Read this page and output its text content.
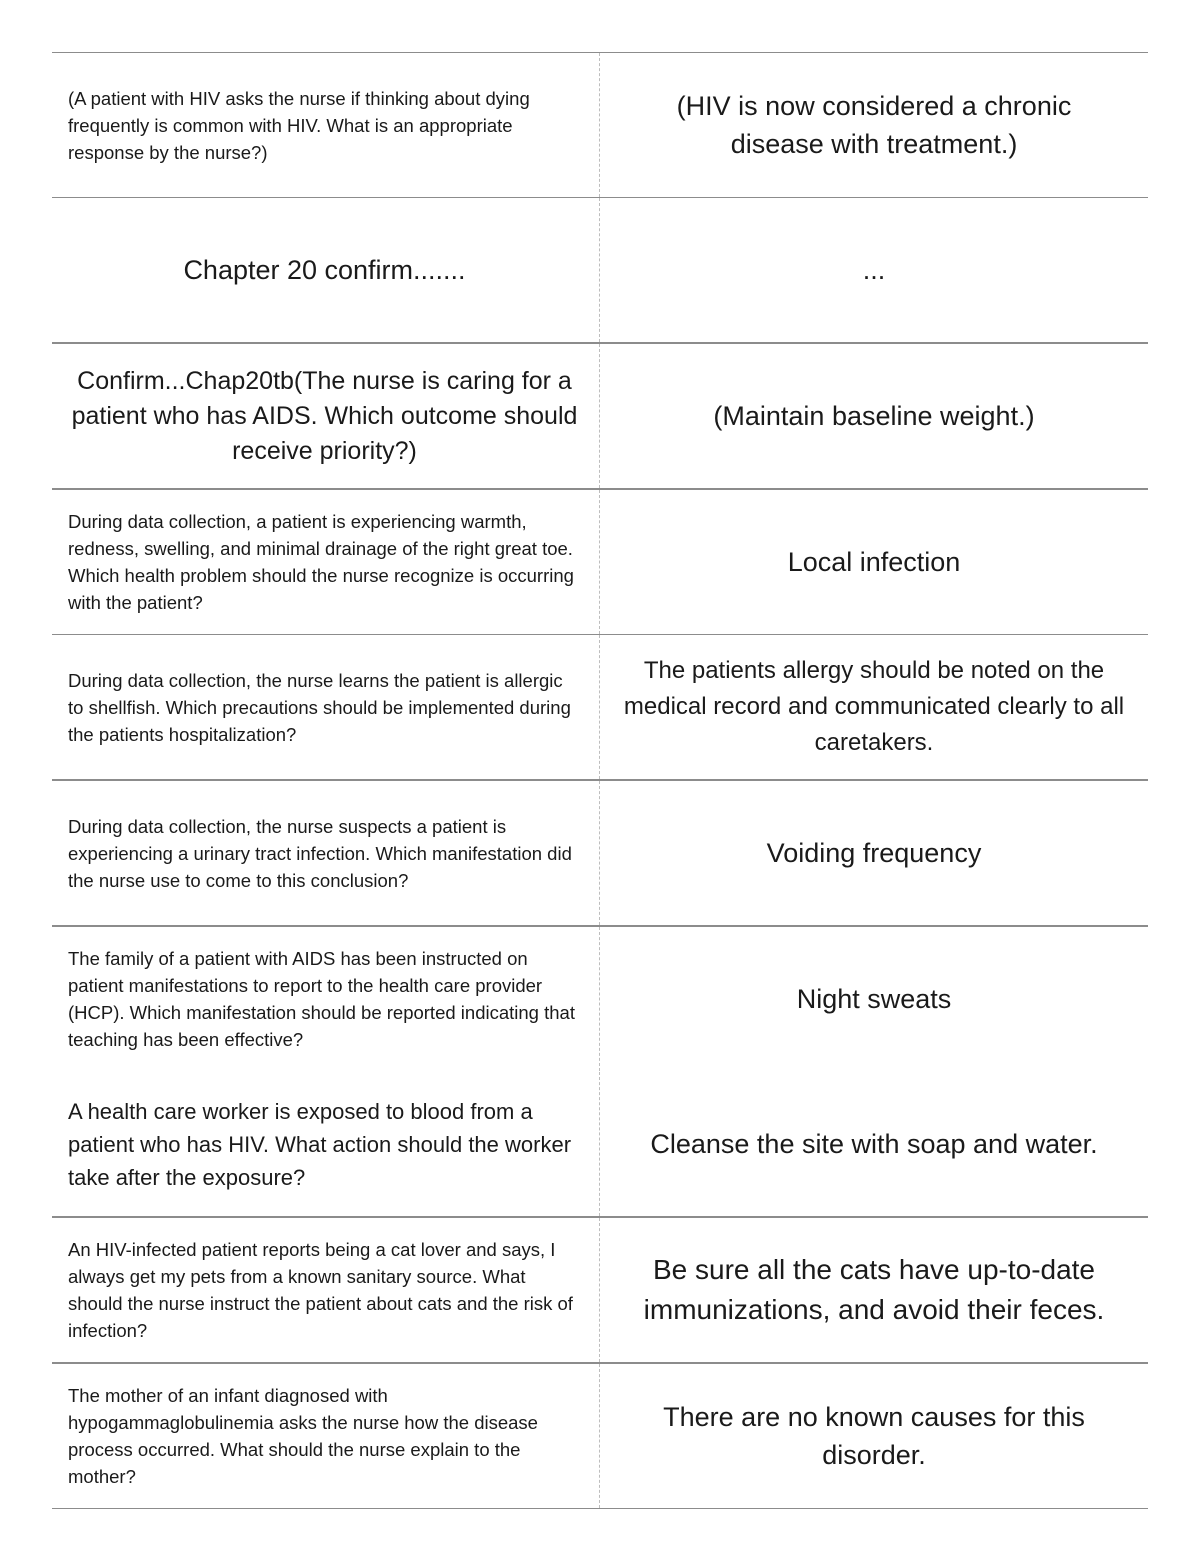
(A patient with HIV asks the nurse if thinking about dying frequently is common with HIV. What is an appropriate response by the nurse?)
(HIV is now considered a chronic disease with treatment.)
Chapter 20 confirm.......	...
Confirm...Chap20tb(The nurse is caring for a patient who has AIDS. Which outcome should receive priority?)
(Maintain baseline weight.)
During data collection, a patient is experiencing warmth, redness, swelling, and minimal drainage of the right great toe. Which health problem should the nurse recognize is occurring with the patient?
Local infection
During data collection, the nurse learns the patient is allergic to shellfish. Which precautions should be implemented during the patients hospitalization?
The patients allergy should be noted on the medical record and communicated clearly to all caretakers.
During data collection, the nurse suspects a patient is experiencing a urinary tract infection. Which manifestation did the nurse use to come to this conclusion?
Voiding frequency
The family of a patient with AIDS has been instructed on patient manifestations to report to the health care provider (HCP). Which manifestation should be reported indicating that teaching has been effective?
Night sweats
A health care worker is exposed to blood from a patient who has HIV. What action should the worker take after the exposure?
Cleanse the site with soap and water.
An HIV-infected patient reports being a cat lover and says, I always get my pets from a known sanitary source. What should the nurse instruct the patient about cats and the risk of infection?
Be sure all the cats have up-to-date immunizations, and avoid their feces.
The mother of an infant diagnosed with hypogammaglobulinemia asks the nurse how the disease process occurred. What should the nurse explain to the mother?
There are no known causes for this disorder.
